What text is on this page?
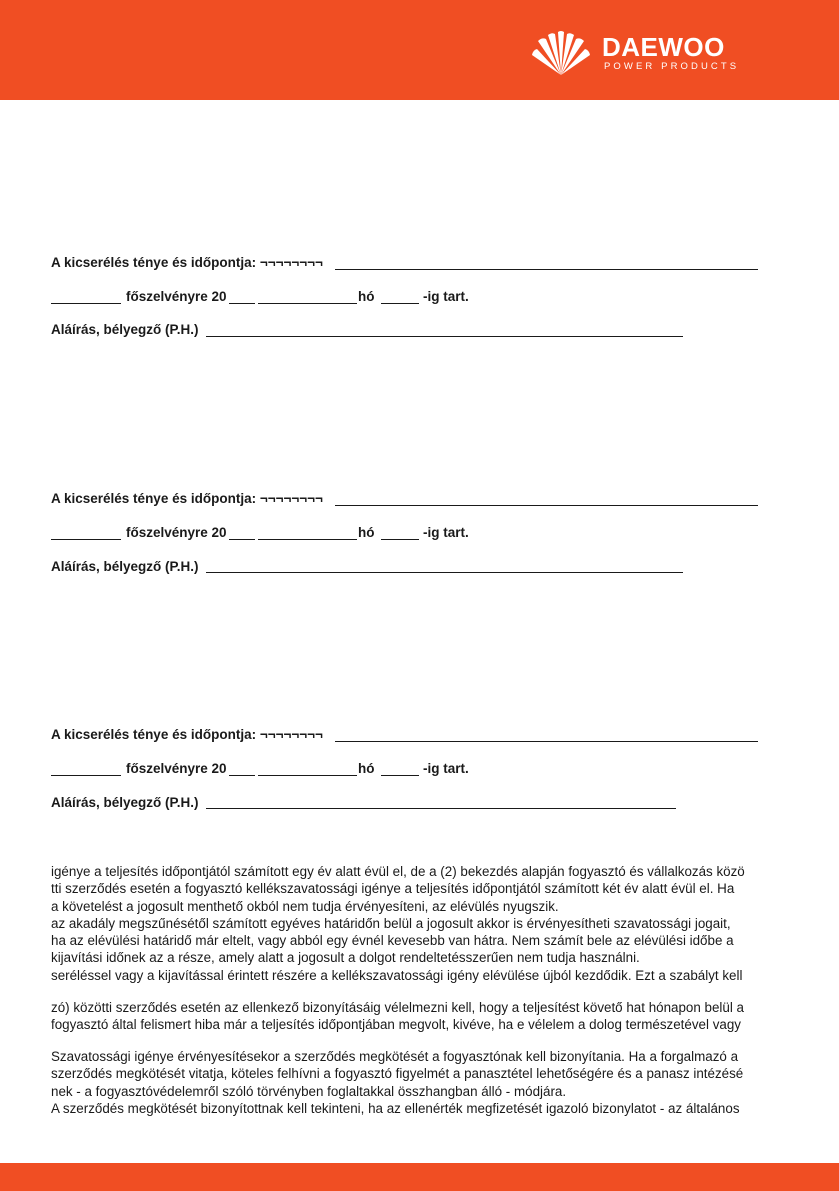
DAEWOO
POWER PRODUCTS
A kicserélés ténye és időpontja: ¬¬¬¬¬¬¬¬
főszelvényre 20	hó	-ig tart.
Aláírás, bélyegző (P.H.)
A kicserélés ténye és időpontja: ¬¬¬¬¬¬¬¬
főszelvényre 20	hó	-ig tart.
Aláírás, bélyegző (P.H.)
A kicserélés ténye és időpontja: ¬¬¬¬¬¬¬¬
főszelvényre 20	hó	-ig tart.
Aláírás, bélyegző (P.H.)
igénye a teljesítés időpontjától számított egy év alatt évül el, de a (2) bekezdés alapján fogyasztó és vállalkozás közö
tti szerződés esetén a fogyasztó kellékszavatossági igénye a teljesítés időpontjától számított két év alatt évül el. Ha
a követelést a jogosult menthető okból nem tudja érvényesíteni, az elévülés nyugszik.
az akadály megszűnésétől számított egyéves határidőn belül a jogosult akkor is érvényesítheti szavatossági jogait,
ha az elévülési határidő már eltelt, vagy abból egy évnél kevesebb van hátra. Nem számít bele az elévülési időbe a
kijavítási időnek az a része, amely alatt a jogosult a dolgot rendeltetésszerűen nem tudja használni.
seréléssel vagy a kijavítással érintett részére a kellékszavatossági igény elévülése újból kezdődik. Ezt a szabályt kell
zó) közötti szerződés esetén az ellenkező bizonyításáig vélelmezni kell, hogy a teljesítést követő hat hónapon belül a
fogyasztó által felismert hiba már a teljesítés időpontjában megvolt, kivéve, ha e vélelem a dolog természetével vagy
Szavatossági igénye érvényesítésekor a szerződés megkötését a fogyasztónak kell bizonyítania. Ha a forgalmazó a
szerződés megkötését vitatja, köteles felhívni a fogyasztó figyelmét a panasztétel lehetőségére és a panasz intézésé
nek - a fogyasztóvédelemről szóló törvényben foglaltakkal összhangban álló - módjára.
A szerződés megkötését bizonyítottnak kell tekinteni, ha az ellenérték megfizetését igazoló bizonylatot - az általános
